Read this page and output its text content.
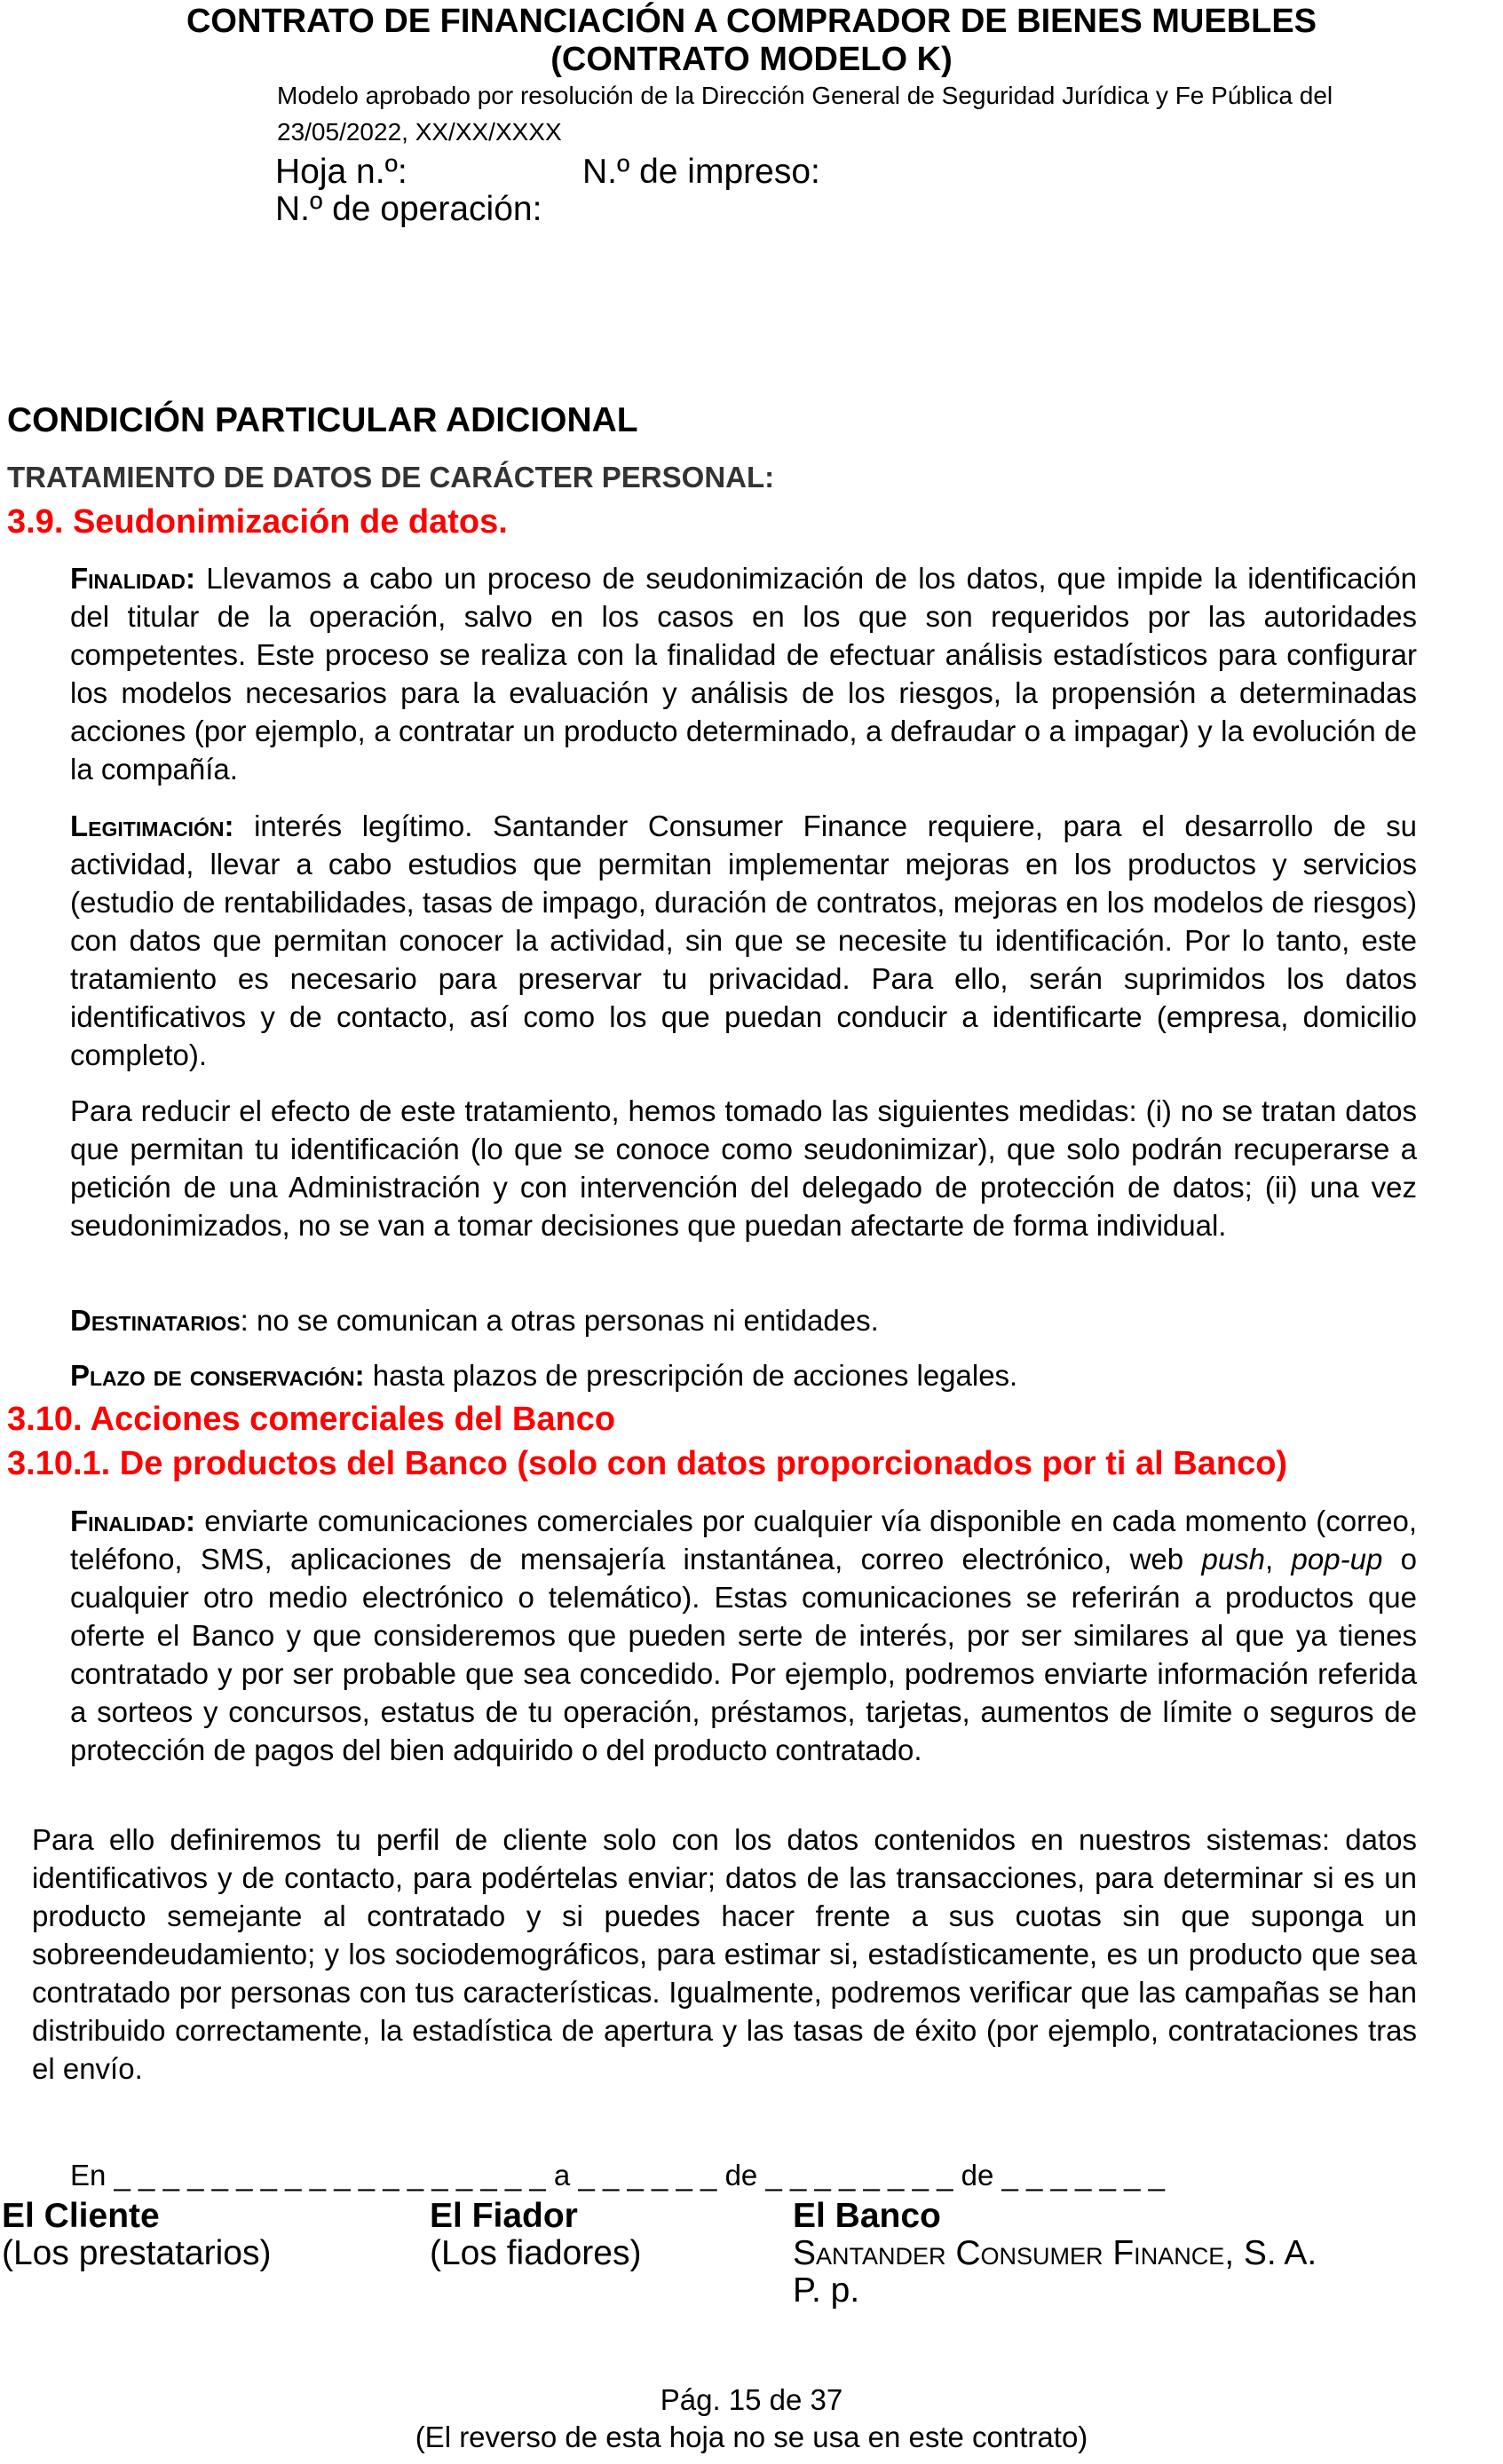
CONTRATO DE FINANCIACIÓN A COMPRADOR DE BIENES MUEBLES
(CONTRATO MODELO K)
Modelo aprobado por resolución de la Dirección General de Seguridad Jurídica y Fe Pública del
23/05/2022, XX/XX/XXXX
Hoja n.º:	N.º de impreso:
N.º de operación:
CONDICIÓN PARTICULAR ADICIONAL
TRATAMIENTO DE DATOS DE CARÁCTER PERSONAL:
3.9. Seudonimización de datos.
Finalidad: Llevamos a cabo un proceso de seudonimización de los datos, que impide la identificación del titular de la operación, salvo en los casos en los que son requeridos por las autoridades competentes. Este proceso se realiza con la finalidad de efectuar análisis estadísticos para configurar los modelos necesarios para la evaluación y análisis de los riesgos, la propensión a determinadas acciones (por ejemplo, a contratar un producto determinado, a defraudar o a impagar) y la evolución de la compañía.
Legitimación: interés legítimo. Santander Consumer Finance requiere, para el desarrollo de su actividad, llevar a cabo estudios que permitan implementar mejoras en los productos y servicios (estudio de rentabilidades, tasas de impago, duración de contratos, mejoras en los modelos de riesgos) con datos que permitan conocer la actividad, sin que se necesite tu identificación. Por lo tanto, este tratamiento es necesario para preservar tu privacidad. Para ello, serán suprimidos los datos identificativos y de contacto, así como los que puedan conducir a identificarte (empresa, domicilio completo).
Para reducir el efecto de este tratamiento, hemos tomado las siguientes medidas: (i) no se tratan datos que permitan tu identificación (lo que se conoce como seudonimizar), que solo podrán recuperarse a petición de una Administración y con intervención del delegado de protección de datos; (ii) una vez seudonimizados, no se van a tomar decisiones que puedan afectarte de forma individual.
Destinatarios: no se comunican a otras personas ni entidades.
Plazo de conservación: hasta plazos de prescripción de acciones legales.
3.10. Acciones comerciales del Banco
3.10.1. De productos del Banco (solo con datos proporcionados por ti al Banco)
Finalidad: enviarte comunicaciones comerciales por cualquier vía disponible en cada momento (correo, teléfono, SMS, aplicaciones de mensajería instantánea, correo electrónico, web push, pop-up o cualquier otro medio electrónico o telemático). Estas comunicaciones se referirán a productos que oferte el Banco y que consideremos que pueden serte de interés, por ser similares al que ya tienes contratado y por ser probable que sea concedido. Por ejemplo, podremos enviarte información referida a sorteos y concursos, estatus de tu operación, préstamos, tarjetas, aumentos de límite o seguros de protección de pagos del bien adquirido o del producto contratado.
Para ello definiremos tu perfil de cliente solo con los datos contenidos en nuestros sistemas: datos identificativos y de contacto, para podértelas enviar; datos de las transacciones, para determinar si es un producto semejante al contratado y si puedes hacer frente a sus cuotas sin que suponga un sobreendeudamiento; y los sociodemográficos, para estimar si, estadísticamente, es un producto que sea contratado por personas con tus características. Igualmente, podremos verificar que las campañas se han distribuido correctamente, la estadística de apertura y las tasas de éxito (por ejemplo, contrataciones tras el envío.
En _ _ _ _ _ _ _ _ _ _ _ _ _ _ _ _ _ _ a _ _ _ _ _ _ de _ _ _ _ _ _ _ _ de _ _ _ _ _ _ _
El Cliente
(Los prestatarios)
El Fiador
(Los fiadores)
El Banco
Santander Consumer Finance, S. A.
P. p.
Pág. 15 de 37
(El reverso de esta hoja no se usa en este contrato)
